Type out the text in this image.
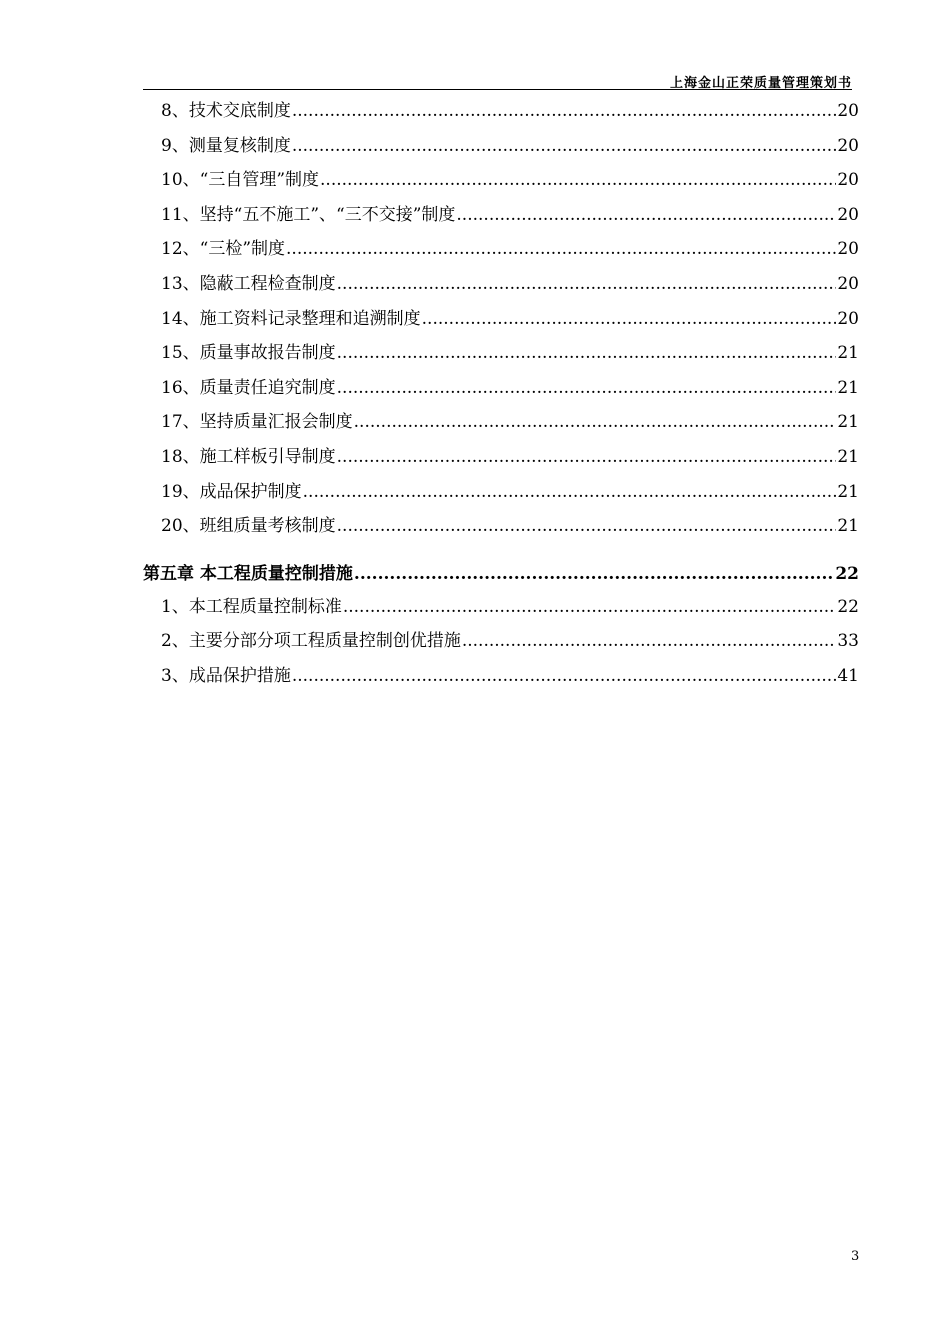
上海金山正荣质量管理策划书
8、技术交底制度 .....	20
9、测量复核制度 .....	20
10、“三自管理”制度 .....	20
11、坚持“五不施工”、“三不交接”制度 .....	20
12、“三检”制度 .....	20
13、隐蔽工程检查制度 .....	20
14、施工资料记录整理和追溯制度 .....	20
15、质量事故报告制度 .....	21
16、质量责任追究制度 .....	21
17、坚持质量汇报会制度 .....	21
18、施工样板引导制度 .....	21
19、成品保护制度 .....	21
20、班组质量考核制度 .....	21
第五章 本工程质量控制措施 .....	22
1、本工程质量控制标准 .....	22
2、主要分部分项工程质量控制创优措施 .....	33
3、成品保护措施 .....	41
3
